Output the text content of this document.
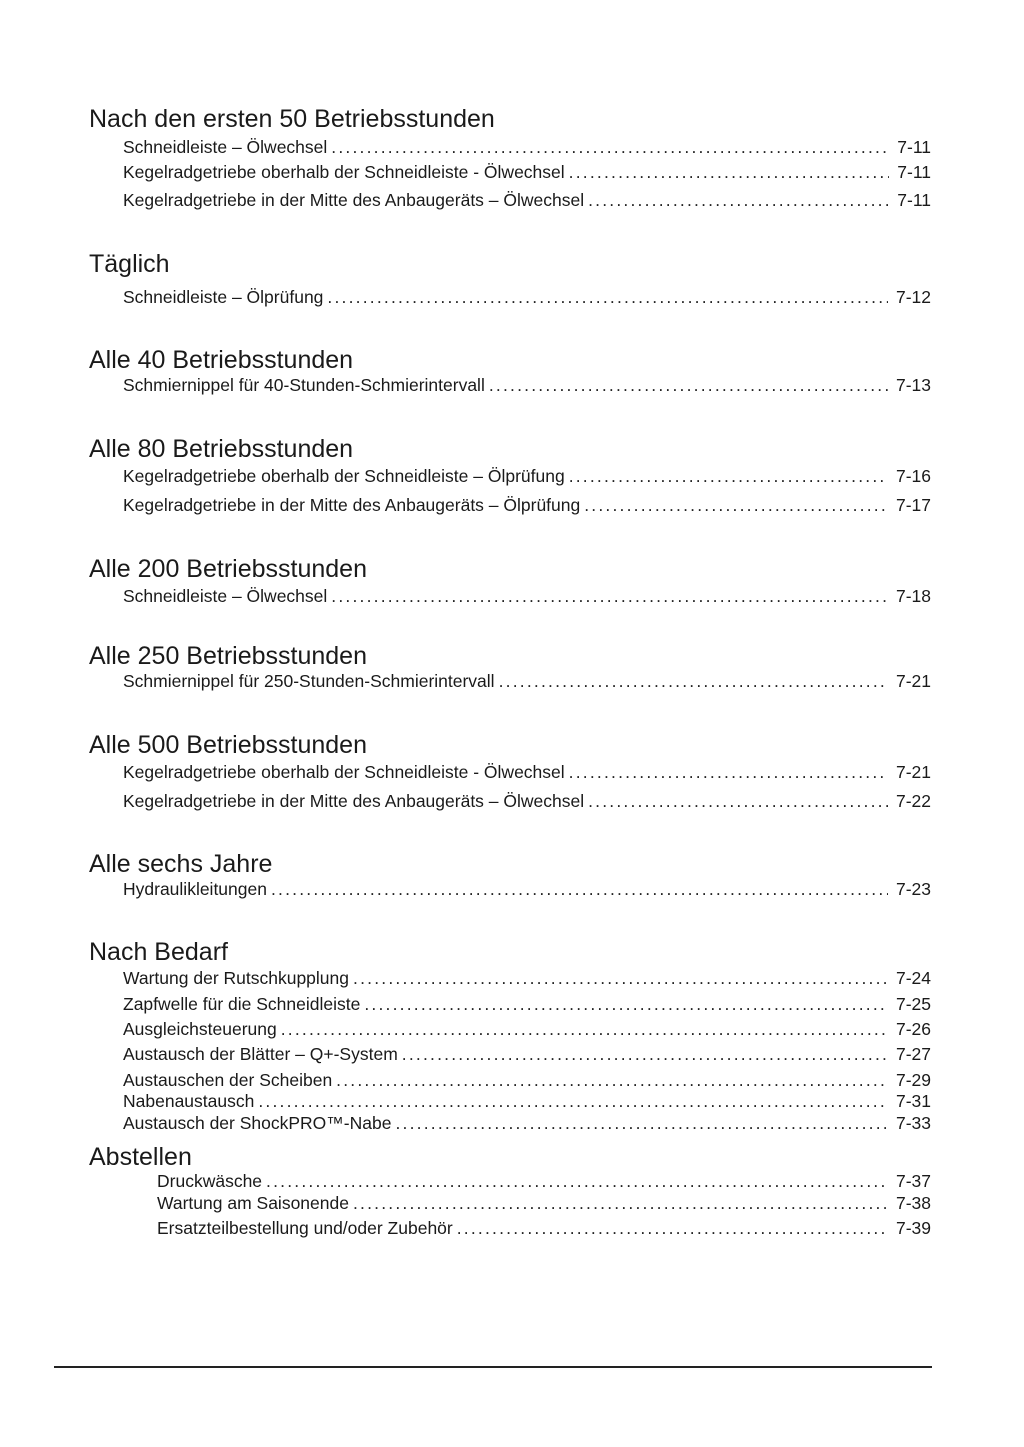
Nach den ersten 50 Betriebsstunden
Schneidleiste – Ölwechsel .....	7-11
Kegelradgetriebe oberhalb der Schneidleiste - Ölwechsel .....	7-11
Kegelradgetriebe in der Mitte des Anbaugeräts – Ölwechsel .....	7-11
Täglich
Schneidleiste – Ölprüfung .....	7-12
Alle 40 Betriebsstunden
Schmiernippel für 40-Stunden-Schmierintervall .....	7-13
Alle 80 Betriebsstunden
Kegelradgetriebe oberhalb der Schneidleiste – Ölprüfung .....	7-16
Kegelradgetriebe in der Mitte des Anbaugeräts – Ölprüfung .....	7-17
Alle 200 Betriebsstunden
Schneidleiste – Ölwechsel .....	7-18
Alle 250 Betriebsstunden
Schmiernippel für 250-Stunden-Schmierintervall .....	7-21
Alle 500 Betriebsstunden
Kegelradgetriebe oberhalb der Schneidleiste - Ölwechsel .....	7-21
Kegelradgetriebe in der Mitte des Anbaugeräts – Ölwechsel .....	7-22
Alle sechs Jahre
Hydraulikleitungen .....	7-23
Nach Bedarf
Wartung der Rutschkupplung .....	7-24
Zapfwelle für die Schneidleiste .....	7-25
Ausgleichsteuerung .....	7-26
Austausch der Blätter – Q+-System .....	7-27
Austauschen der Scheiben .....	7-29
Nabenaustausch .....	7-31
Austausch der ShockPRO™-Nabe .....	7-33
Abstellen
Druckwäsche .....	7-37
Wartung am Saisonende .....	7-38
Ersatzteilbestellung und/oder Zubehör .....	7-39
